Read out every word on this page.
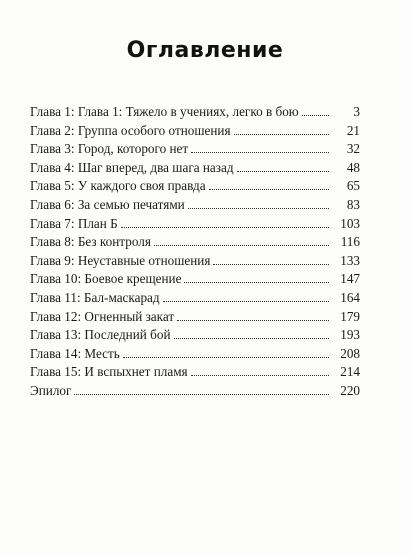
Оглавление
Глава 1: Глава 1: Тяжело в учениях, легко в бою	3
Глава 2: Группа особого отношения	21
Глава 3: Город, которого нет	32
Глава 4: Шаг вперед, два шага назад	48
Глава 5: У каждого своя правда	65
Глава 6: За семью печатями	83
Глава 7: План Б	103
Глава 8: Без контроля	116
Глава 9: Неуставные отношения	133
Глава 10: Боевое крещение	147
Глава 11: Бал-маскарад	164
Глава 12: Огненный закат	179
Глава 13: Последний бой	193
Глава 14: Месть	208
Глава 15: И вспыхнет пламя	214
Эпилог	220
